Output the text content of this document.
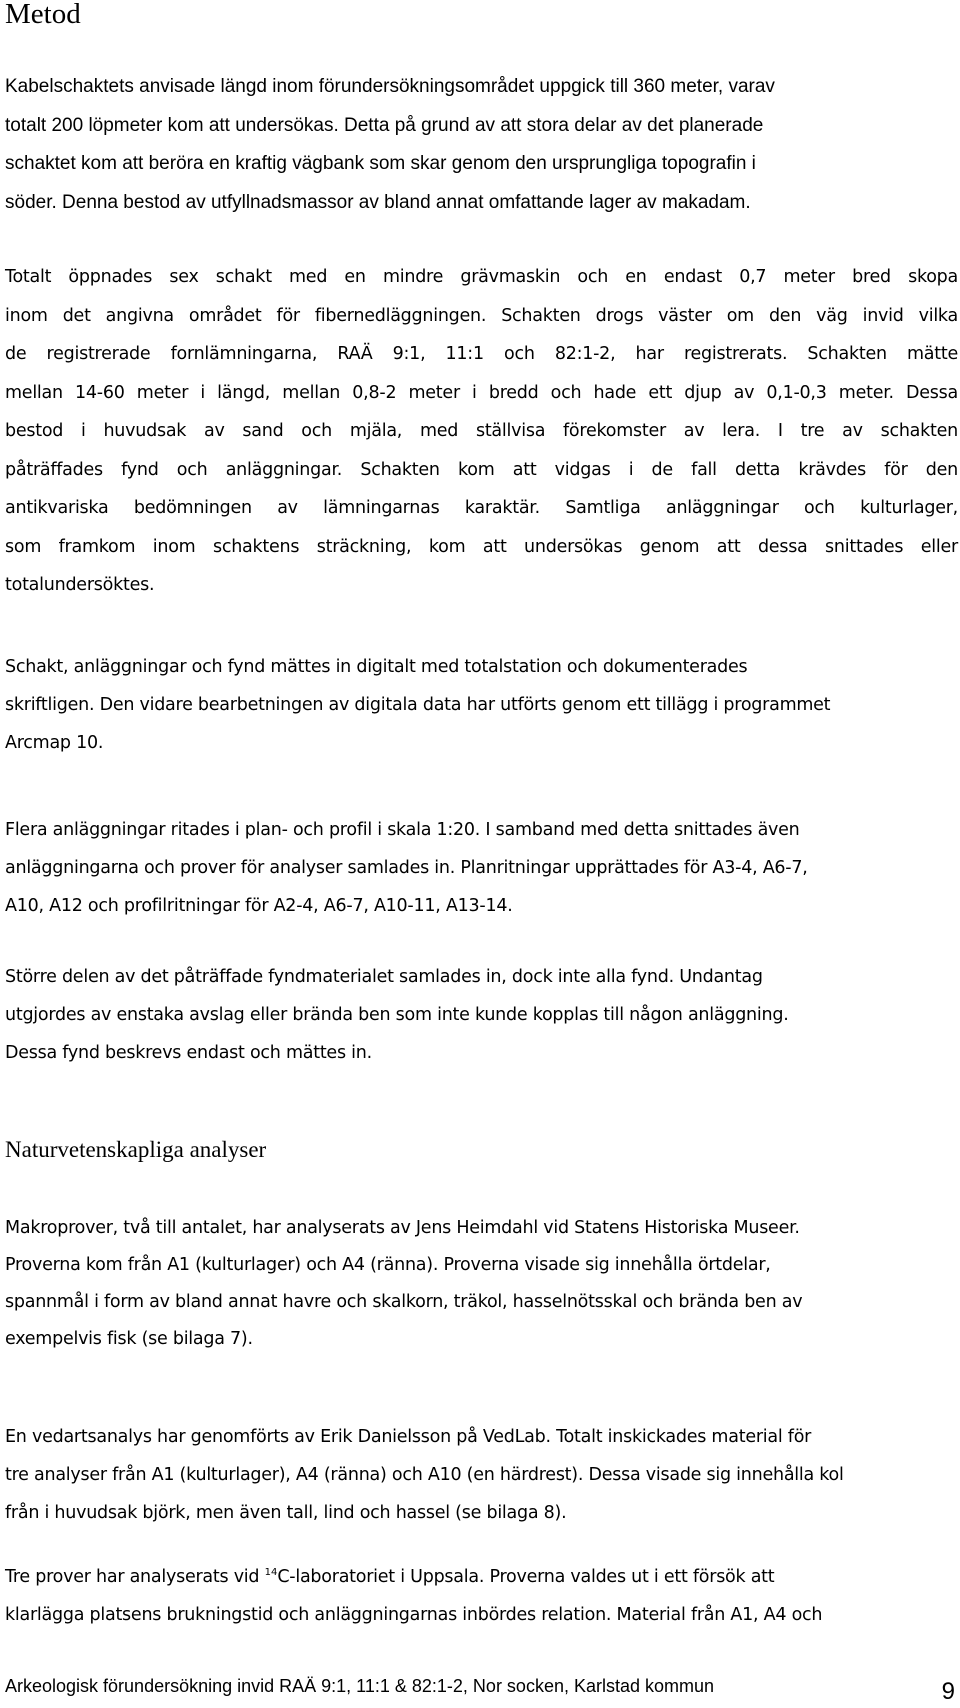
Metod
Kabelschaktets anvisade längd inom förundersökningsområdet uppgick till 360 meter, varav
totalt 200 löpmeter kom att undersökas. Detta på grund av att stora delar av det planerade
schaktet kom att beröra en kraftig vägbank som skar genom den ursprungliga topografin i
söder. Denna bestod av utfyllnadsmassor av bland annat omfattande lager av makadam.
Totalt öppnades sex schakt med en mindre grävmaskin och en endast 0,7 meter bred skopa
inom det angivna området för fibernedläggningen. Schakten drogs väster om den väg invid vilka
de registrerade fornlämningarna, RAÄ 9:1, 11:1 och 82:1-2, har registrerats. Schakten mätte
mellan 14-60 meter i längd, mellan 0,8-2 meter i bredd och hade ett djup av 0,1-0,3 meter. Dessa
bestod i huvudsak av sand och mjäla, med ställvisa förekomster av lera. I tre av schakten
påträffades fynd och anläggningar. Schakten kom att vidgas i de fall detta krävdes för den
antikvariska bedömningen av lämningarnas karaktär. Samtliga anläggningar och kulturlager,
som framkom inom schaktens sträckning, kom att undersökas genom att dessa snittades eller
totalundersöktes.
Schakt, anläggningar och fynd mättes in digitalt med totalstation och dokumenterades
skriftligen. Den vidare bearbetningen av digitala data har utförts genom ett tillägg i programmet
Arcmap 10.
Flera anläggningar ritades i plan- och profil i skala 1:20. I samband med detta snittades även
anläggningarna och prover för analyser samlades in. Planritningar upprättades för A3-4, A6-7,
A10, A12 och profilritningar för A2-4, A6-7, A10-11, A13-14.
Större delen av det påträffade fyndmaterialet samlades in, dock inte alla fynd. Undantag
utgjordes av enstaka avslag eller brända ben som inte kunde kopplas till någon anläggning.
Dessa fynd beskrevs endast och mättes in.
Naturvetenskapliga analyser
Makroprover, två till antalet, har analyserats av Jens Heimdahl vid Statens Historiska Museer.
Proverna kom från A1 (kulturlager) och A4 (ränna). Proverna visade sig innehålla örtdelar,
spannmål i form av bland annat havre och skalkorn, träkol, hasselnötsskal och brända ben av
exempelvis fisk (se bilaga 7).
En vedartsanalys har genomförts av Erik Danielsson på VedLab. Totalt inskickades material för
tre analyser från A1 (kulturlager), A4 (ränna) och A10 (en härdrest). Dessa visade sig innehålla kol
från i huvudsak björk, men även tall, lind och hassel (se bilaga 8).
Tre prover har analyserats vid $^{14}$C-laboratoriet i Uppsala. Proverna valdes ut i ett försök att
klarlägga platsens brukningstid och anläggningarnas inbördes relation. Material från A1, A4 och
Arkeologisk förundersökning invid RAÄ 9:1, 11:1 & 82:1-2, Nor socken, Karlstad kommun	9
